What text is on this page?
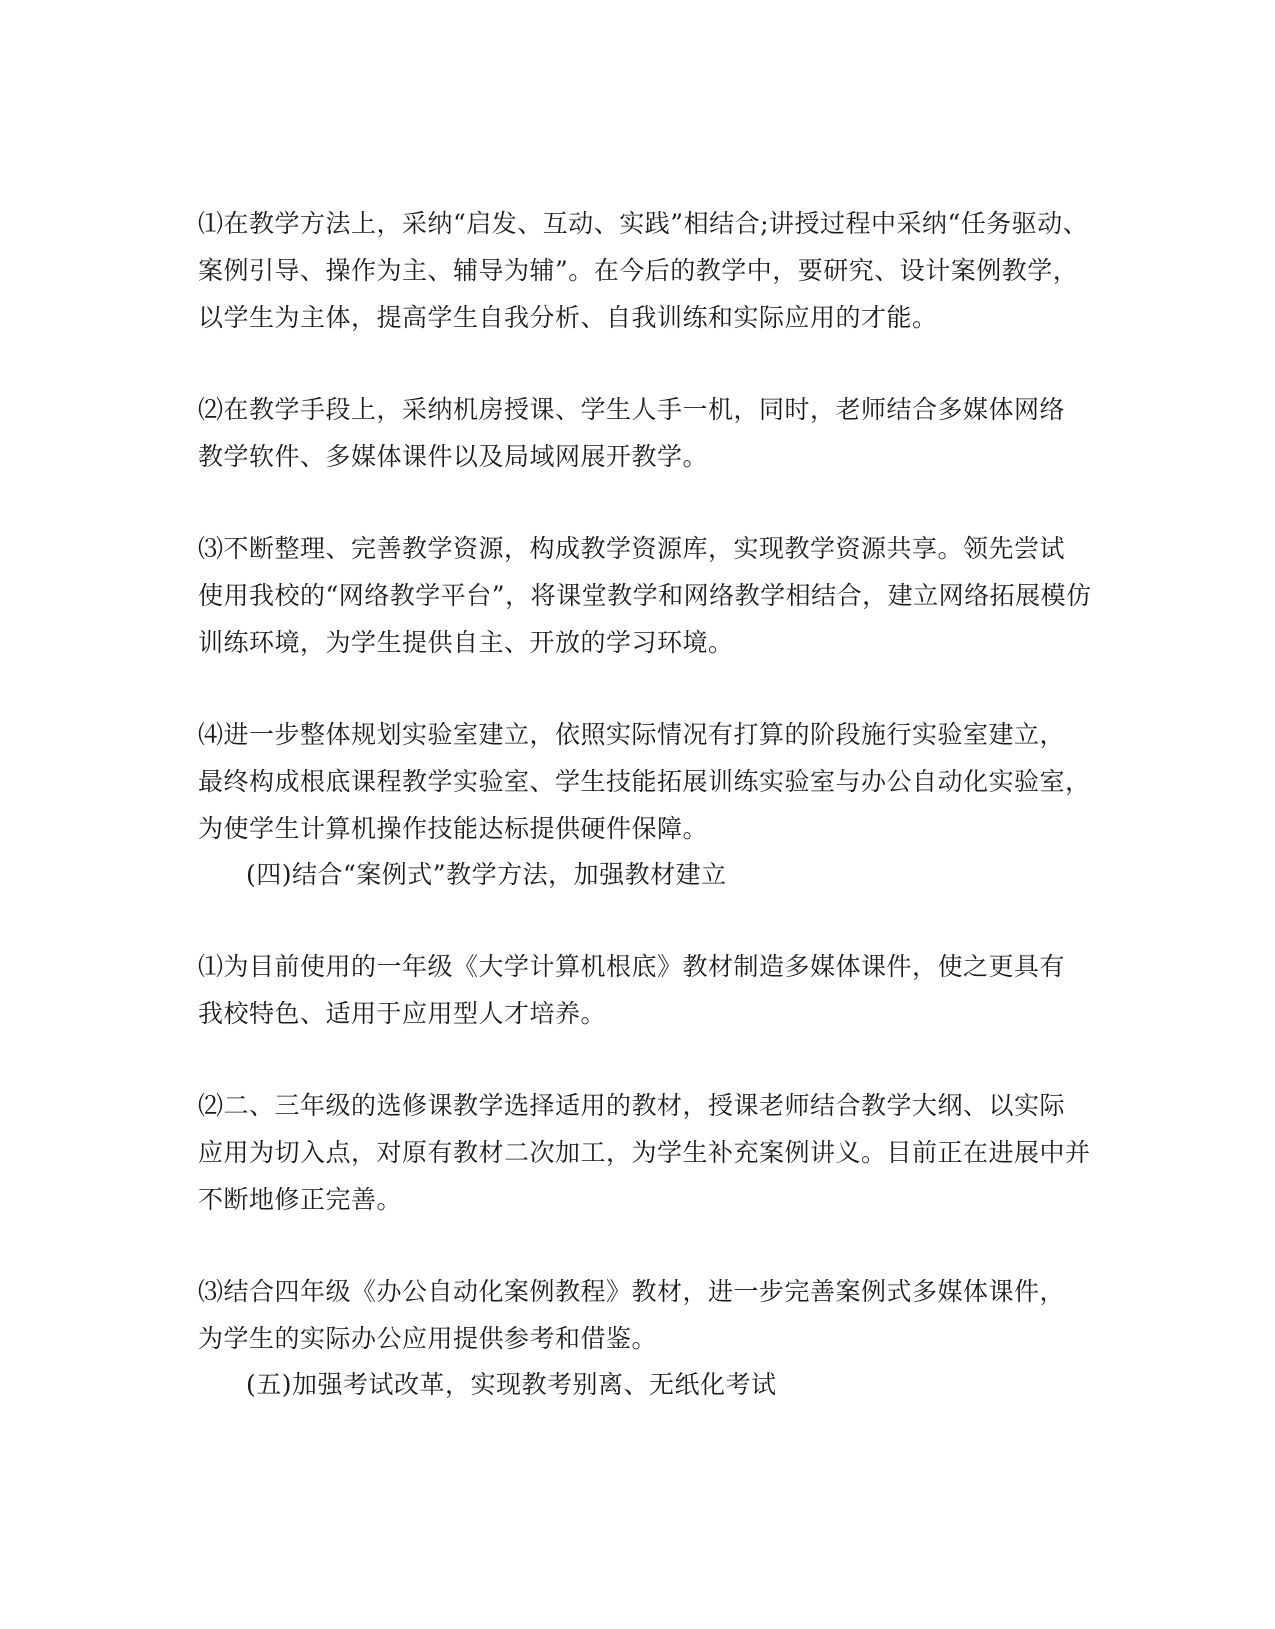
⑴在教学方法上，采纳“启发、互动、实践”相结合;讲授过程中采纳“任务驱动、

案例引导、操作为主、辅导为辅”。在今后的教学中，要研究、设计案例教学，

以学生为主体，提高学生自我分析、自我训练和实际应用的才能。

⑵在教学手段上，采纳机房授课、学生人手一机，同时，老师结合多媒体网络

教学软件、多媒体课件以及局域网展开教学。

⑶不断整理、完善教学资源，构成教学资源库，实现教学资源共享。领先尝试

使用我校的“网络教学平台”，将课堂教学和网络教学相结合，建立网络拓展模仿

训练环境，为学生提供自主、开放的学习环境。

⑷进一步整体规划实验室建立，依照实际情况有打算的阶段施行实验室建立，

最终构成根底课程教学实验室、学生技能拓展训练实验室与办公自动化实验室，

为使学生计算机操作技能达标提供硬件保障。

(四)结合“案例式”教学方法，加强教材建立

⑴为目前使用的一年级《大学计算机根底》教材制造多媒体课件，使之更具有

我校特色、适用于应用型人才培养。

⑵二、三年级的选修课教学选择适用的教材，授课老师结合教学大纲、以实际

应用为切入点，对原有教材二次加工，为学生补充案例讲义。目前正在进展中并

不断地修正完善。

⑶结合四年级《办公自动化案例教程》教材，进一步完善案例式多媒体课件，

为学生的实际办公应用提供参考和借鉴。

(五)加强考试改革，实现教考别离、无纸化考试
